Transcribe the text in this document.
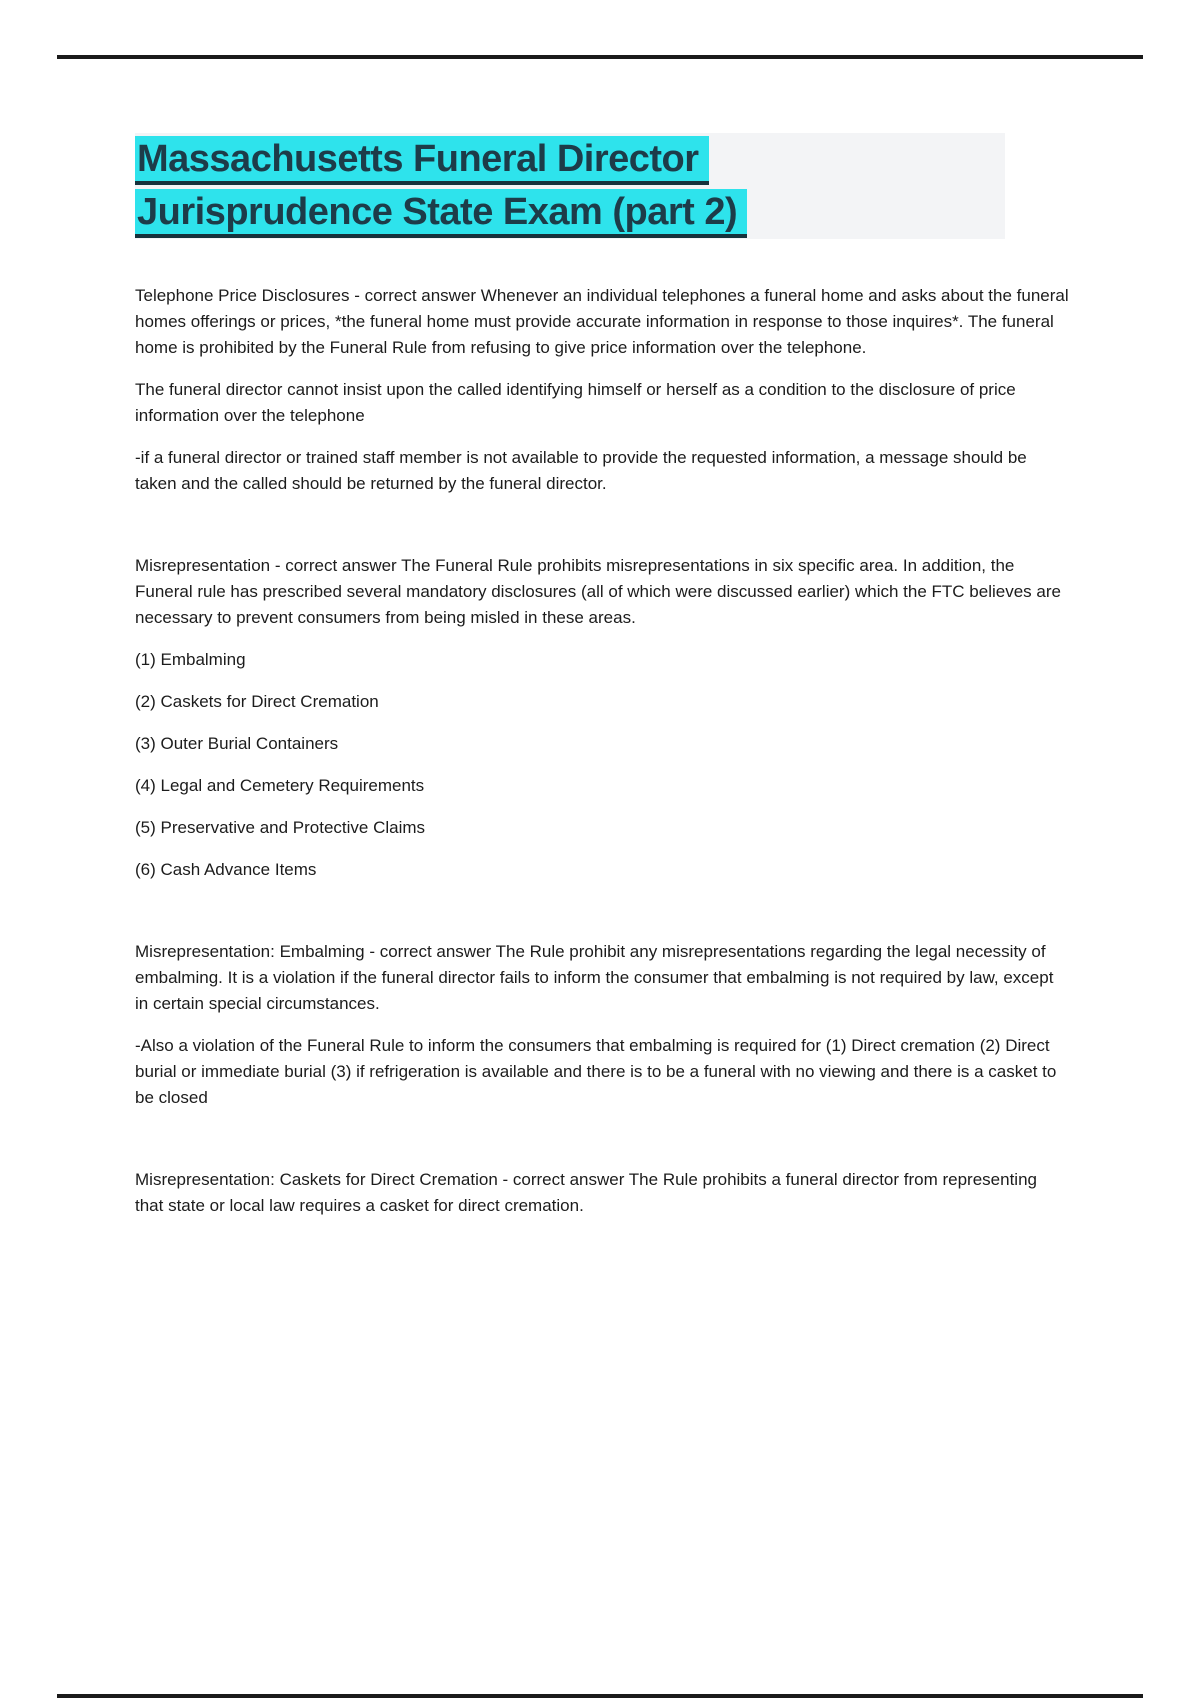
Massachusetts Funeral Director
Jurisprudence State Exam (part 2)

Telephone Price Disclosures - correct answer Whenever an individual telephones a funeral home and asks about the funeral homes offerings or prices, *the funeral home must provide accurate information in response to those inquires*. The funeral home is prohibited by the Funeral Rule from refusing to give price information over the telephone.

The funeral director cannot insist upon the called identifying himself or herself as a condition to the disclosure of price information over the telephone

-if a funeral director or trained staff member is not available to provide the requested information, a message should be taken and the called should be returned by the funeral director.

Misrepresentation - correct answer The Funeral Rule prohibits misrepresentations in six specific area. In addition, the Funeral rule has prescribed several mandatory disclosures (all of which were discussed earlier) which the FTC believes are necessary to prevent consumers from being misled in these areas.

(1) Embalming

(2) Caskets for Direct Cremation

(3) Outer Burial Containers

(4) Legal and Cemetery Requirements

(5) Preservative and Protective Claims

(6) Cash Advance Items

Misrepresentation: Embalming - correct answer The Rule prohibit any misrepresentations regarding the legal necessity of embalming. It is a violation if the funeral director fails to inform the consumer that embalming is not required by law, except in certain special circumstances.

-Also a violation of the Funeral Rule to inform the consumers that embalming is required for (1) Direct cremation (2) Direct burial or immediate burial (3) if refrigeration is available and there is to be a funeral with no viewing and there is a casket to be closed

Misrepresentation: Caskets for Direct Cremation - correct answer The Rule prohibits a funeral director from representing that state or local law requires a casket for direct cremation.
